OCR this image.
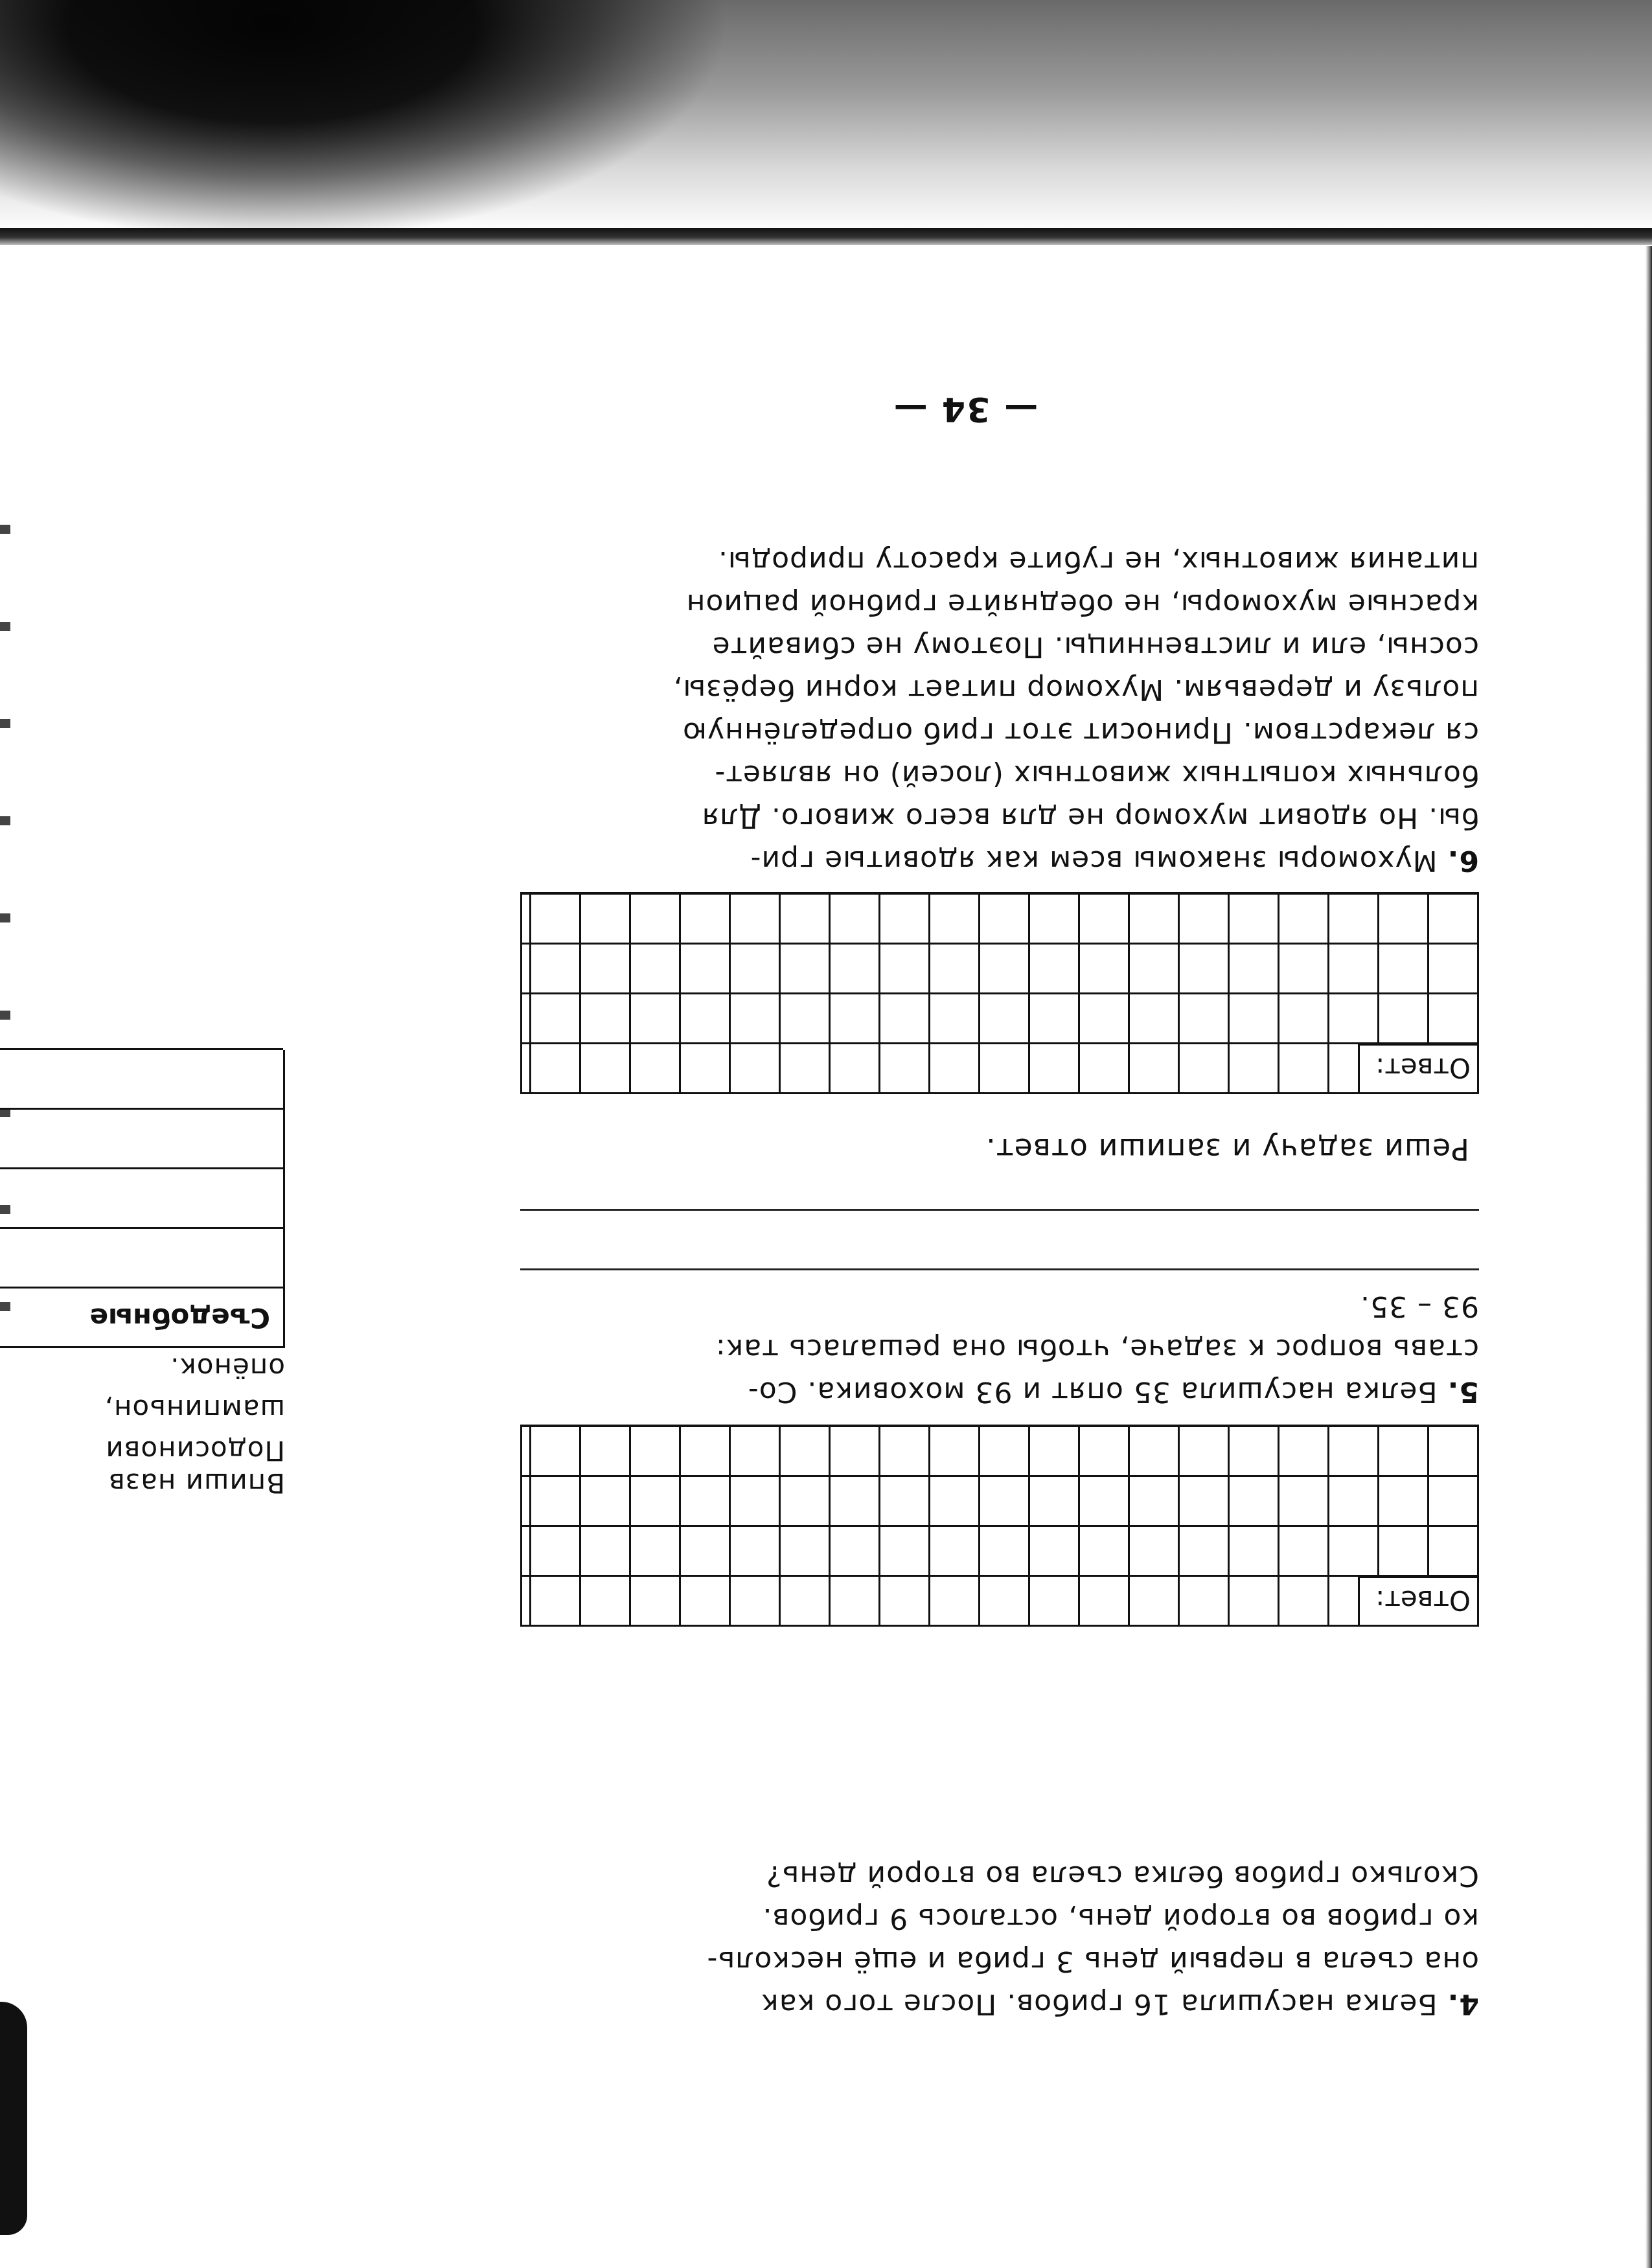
4. Белка насушила 16 грибов. После того как
она съела в первый день 3 гриба и ещё несколь-
ко грибов во второй день, осталось 9 грибов.
Сколько грибов белка съела во второй день?
Ответ:
5. Белка насушила 35 опят и 93 моховика. Со-
ставь вопрос к задаче, чтобы она решалась так:
93 – 35.
Реши задачу и запиши ответ.
Ответ:
6. Мухоморы знакомы всем как ядовитые гри-
бы. Но ядовит мухомор не для всего живого. Для
больных копытных животных (лосей) он являет-
ся лекарством. Приносит этот гриб определённую
пользу и деревьям. Мухомор питает корни берёзы,
сосны, ели и лиственницы. Поэтому не сбивайте
красные мухоморы, не обедняйте грибной рацион
питания животных, не губите красоту природы.
— 34 —
Впиши назв
Подосинови
шампиньон,
опёнок.
Съедобные
